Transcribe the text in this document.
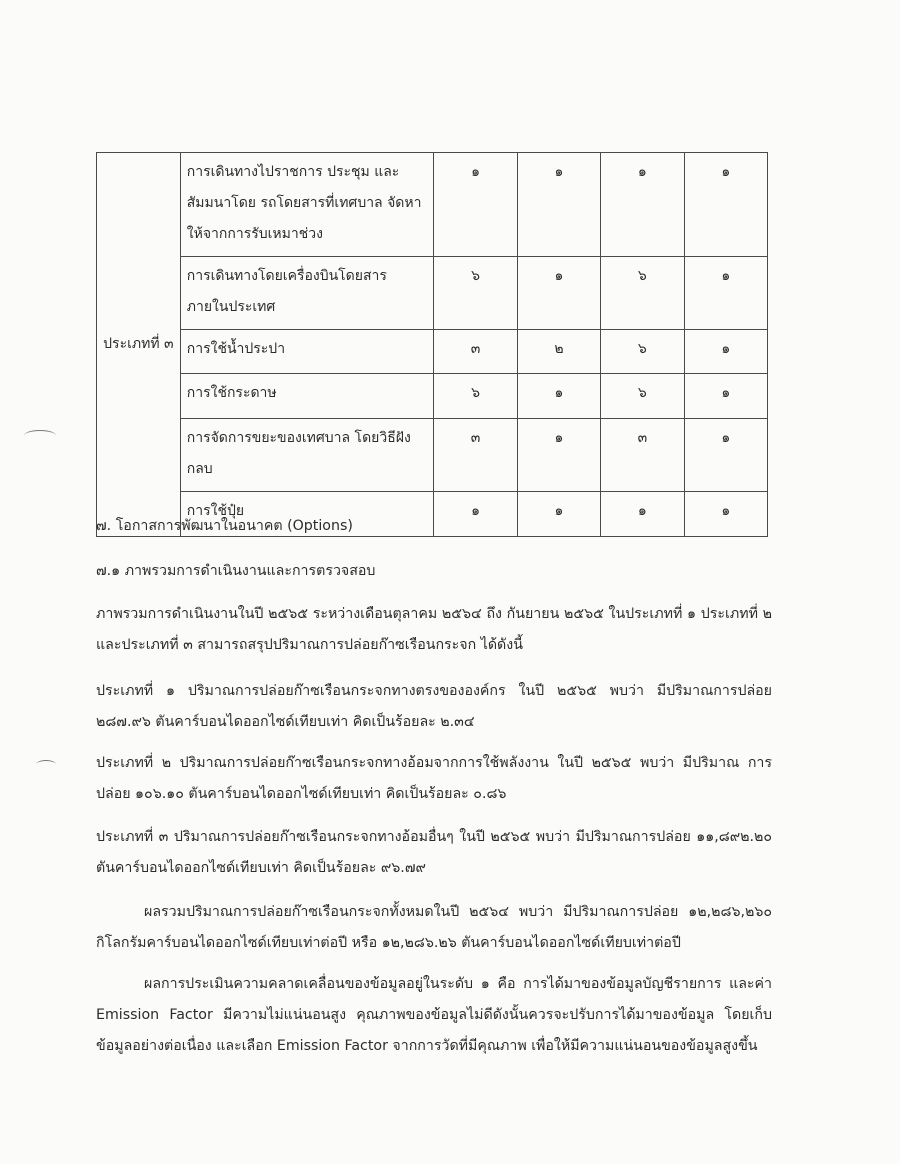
ประเภทที่ ๓	การเดินทางไปราชการ ประชุม และสัมมนาโดย รถโดยสารที่เทศบาล จัดหาให้จากการรับเหมาช่วง	๑	๑	๑	๑
	การเดินทางโดยเครื่องบินโดยสารภายในประเทศ	๖	๑	๖	๑
	การใช้น้ำประปา	๓	๒	๖	๑
	การใช้กระดาษ	๖	๑	๖	๑
	การจัดการขยะของเทศบาล โดยวิธีฝังกลบ	๓	๑	๓	๑
	การใช้ปุ๋ย	๑	๑	๑	๑

๗. โอกาสการพัฒนาในอนาคต (Options)

๗.๑ ภาพรวมการดำเนินงานและการตรวจสอบ

ภาพรวมการดำเนินงานในปี ๒๕๖๕ ระหว่างเดือนตุลาคม ๒๕๖๔ ถึง กันยายน ๒๕๖๕ ในประเภทที่ ๑ ประเภทที่ ๒ และประเภทที่ ๓ สามารถสรุปปริมาณการปล่อยก๊าซเรือนกระจก ได้ดังนี้

ประเภทที่ ๑ ปริมาณการปล่อยก๊าซเรือนกระจกทางตรงขององค์กร ในปี ๒๕๖๕ พบว่า มีปริมาณการปล่อย ๒๘๗.๙๖ ตันคาร์บอนไดออกไซด์เทียบเท่า คิดเป็นร้อยละ ๒.๓๔

ประเภทที่ ๒ ปริมาณการปล่อยก๊าซเรือนกระจกทางอ้อมจากการใช้พลังงาน ในปี ๒๕๖๕ พบว่า มีปริมาณ การปล่อย ๑๐๖.๑๐ ตันคาร์บอนไดออกไซด์เทียบเท่า คิดเป็นร้อยละ ๐.๘๖

ประเภทที่ ๓ ปริมาณการปล่อยก๊าซเรือนกระจกทางอ้อมอื่นๆ ในปี ๒๕๖๕ พบว่า มีปริมาณการปล่อย ๑๑,๘๙๒.๒๐ ตันคาร์บอนไดออกไซด์เทียบเท่า คิดเป็นร้อยละ ๙๖.๗๙

ผลรวมปริมาณการปล่อยก๊าซเรือนกระจกทั้งหมดในปี ๒๕๖๔ พบว่า มีปริมาณการปล่อย ๑๒,๒๘๖,๒๖๐ กิโลกรัมคาร์บอนไดออกไซด์เทียบเท่าต่อปี หรือ ๑๒,๒๘๖.๒๖ ตันคาร์บอนไดออกไซด์เทียบเท่าต่อปี

ผลการประเมินความคลาดเคลื่อนของข้อมูลอยู่ในระดับ ๑ คือ การได้มาของข้อมูลบัญชีรายการ และค่า Emission Factor มีความไม่แน่นอนสูง คุณภาพของข้อมูลไม่ดีดังนั้นควรจะปรับการได้มาของข้อมูล โดยเก็บข้อมูลอย่างต่อเนื่อง และเลือก Emission Factor จากการวัดที่มีคุณภาพ เพื่อให้มีความแน่นอนของข้อมูลสูงขึ้น
